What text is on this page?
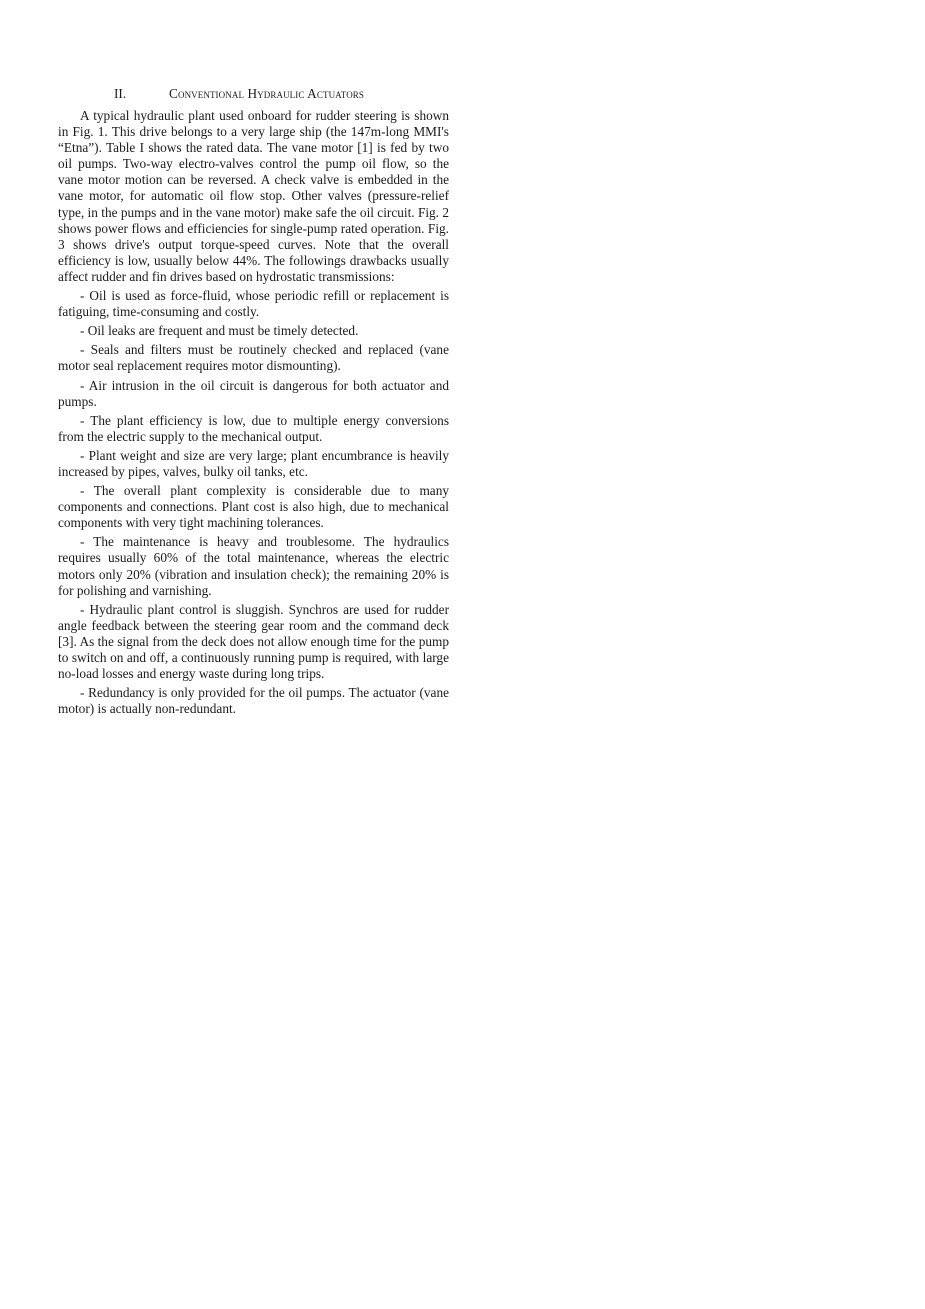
II.	Conventional Hydraulic Actuators

A typical hydraulic plant used onboard for rudder steering is shown in Fig. 1. This drive belongs to a very large ship (the 147m-long MMI's “Etna”). Table I shows the rated data. The vane motor [1] is fed by two oil pumps. Two-way electro-valves control the pump oil flow, so the vane motor motion can be reversed. A check valve is embedded in the vane motor, for automatic oil flow stop. Other valves (pressure-relief type, in the pumps and in the vane motor) make safe the oil circuit. Fig. 2 shows power flows and efficiencies for single-pump rated operation. Fig. 3 shows drive's output torque-speed curves. Note that the overall efficiency is low, usually below 44%. The followings drawbacks usually affect rudder and fin drives based on hydrostatic transmissions:

- Oil is used as force-fluid, whose periodic refill or replacement is fatiguing, time-consuming and costly.

- Oil leaks are frequent and must be timely detected.

- Seals and filters must be routinely checked and replaced (vane motor seal replacement requires motor dismounting).

- Air intrusion in the oil circuit is dangerous for both actuator and pumps.

- The plant efficiency is low, due to multiple energy conversions from the electric supply to the mechanical output.

- Plant weight and size are very large; plant encumbrance is heavily increased by pipes, valves, bulky oil tanks, etc.

- The overall plant complexity is considerable due to many components and connections. Plant cost is also high, due to mechanical components with very tight machining tolerances.

- The maintenance is heavy and troublesome. The hydraulics requires usually 60% of the total maintenance, whereas the electric motors only 20% (vibration and insulation check); the remaining 20% is for polishing and varnishing.

- Hydraulic plant control is sluggish. Synchros are used for rudder angle feedback between the steering gear room and the command deck [3]. As the signal from the deck does not allow enough time for the pump to switch on and off, a continuously running pump is required, with large no-load losses and energy waste during long trips.

- Redundancy is only provided for the oil pumps. The actuator (vane motor) is actually non-redundant.
